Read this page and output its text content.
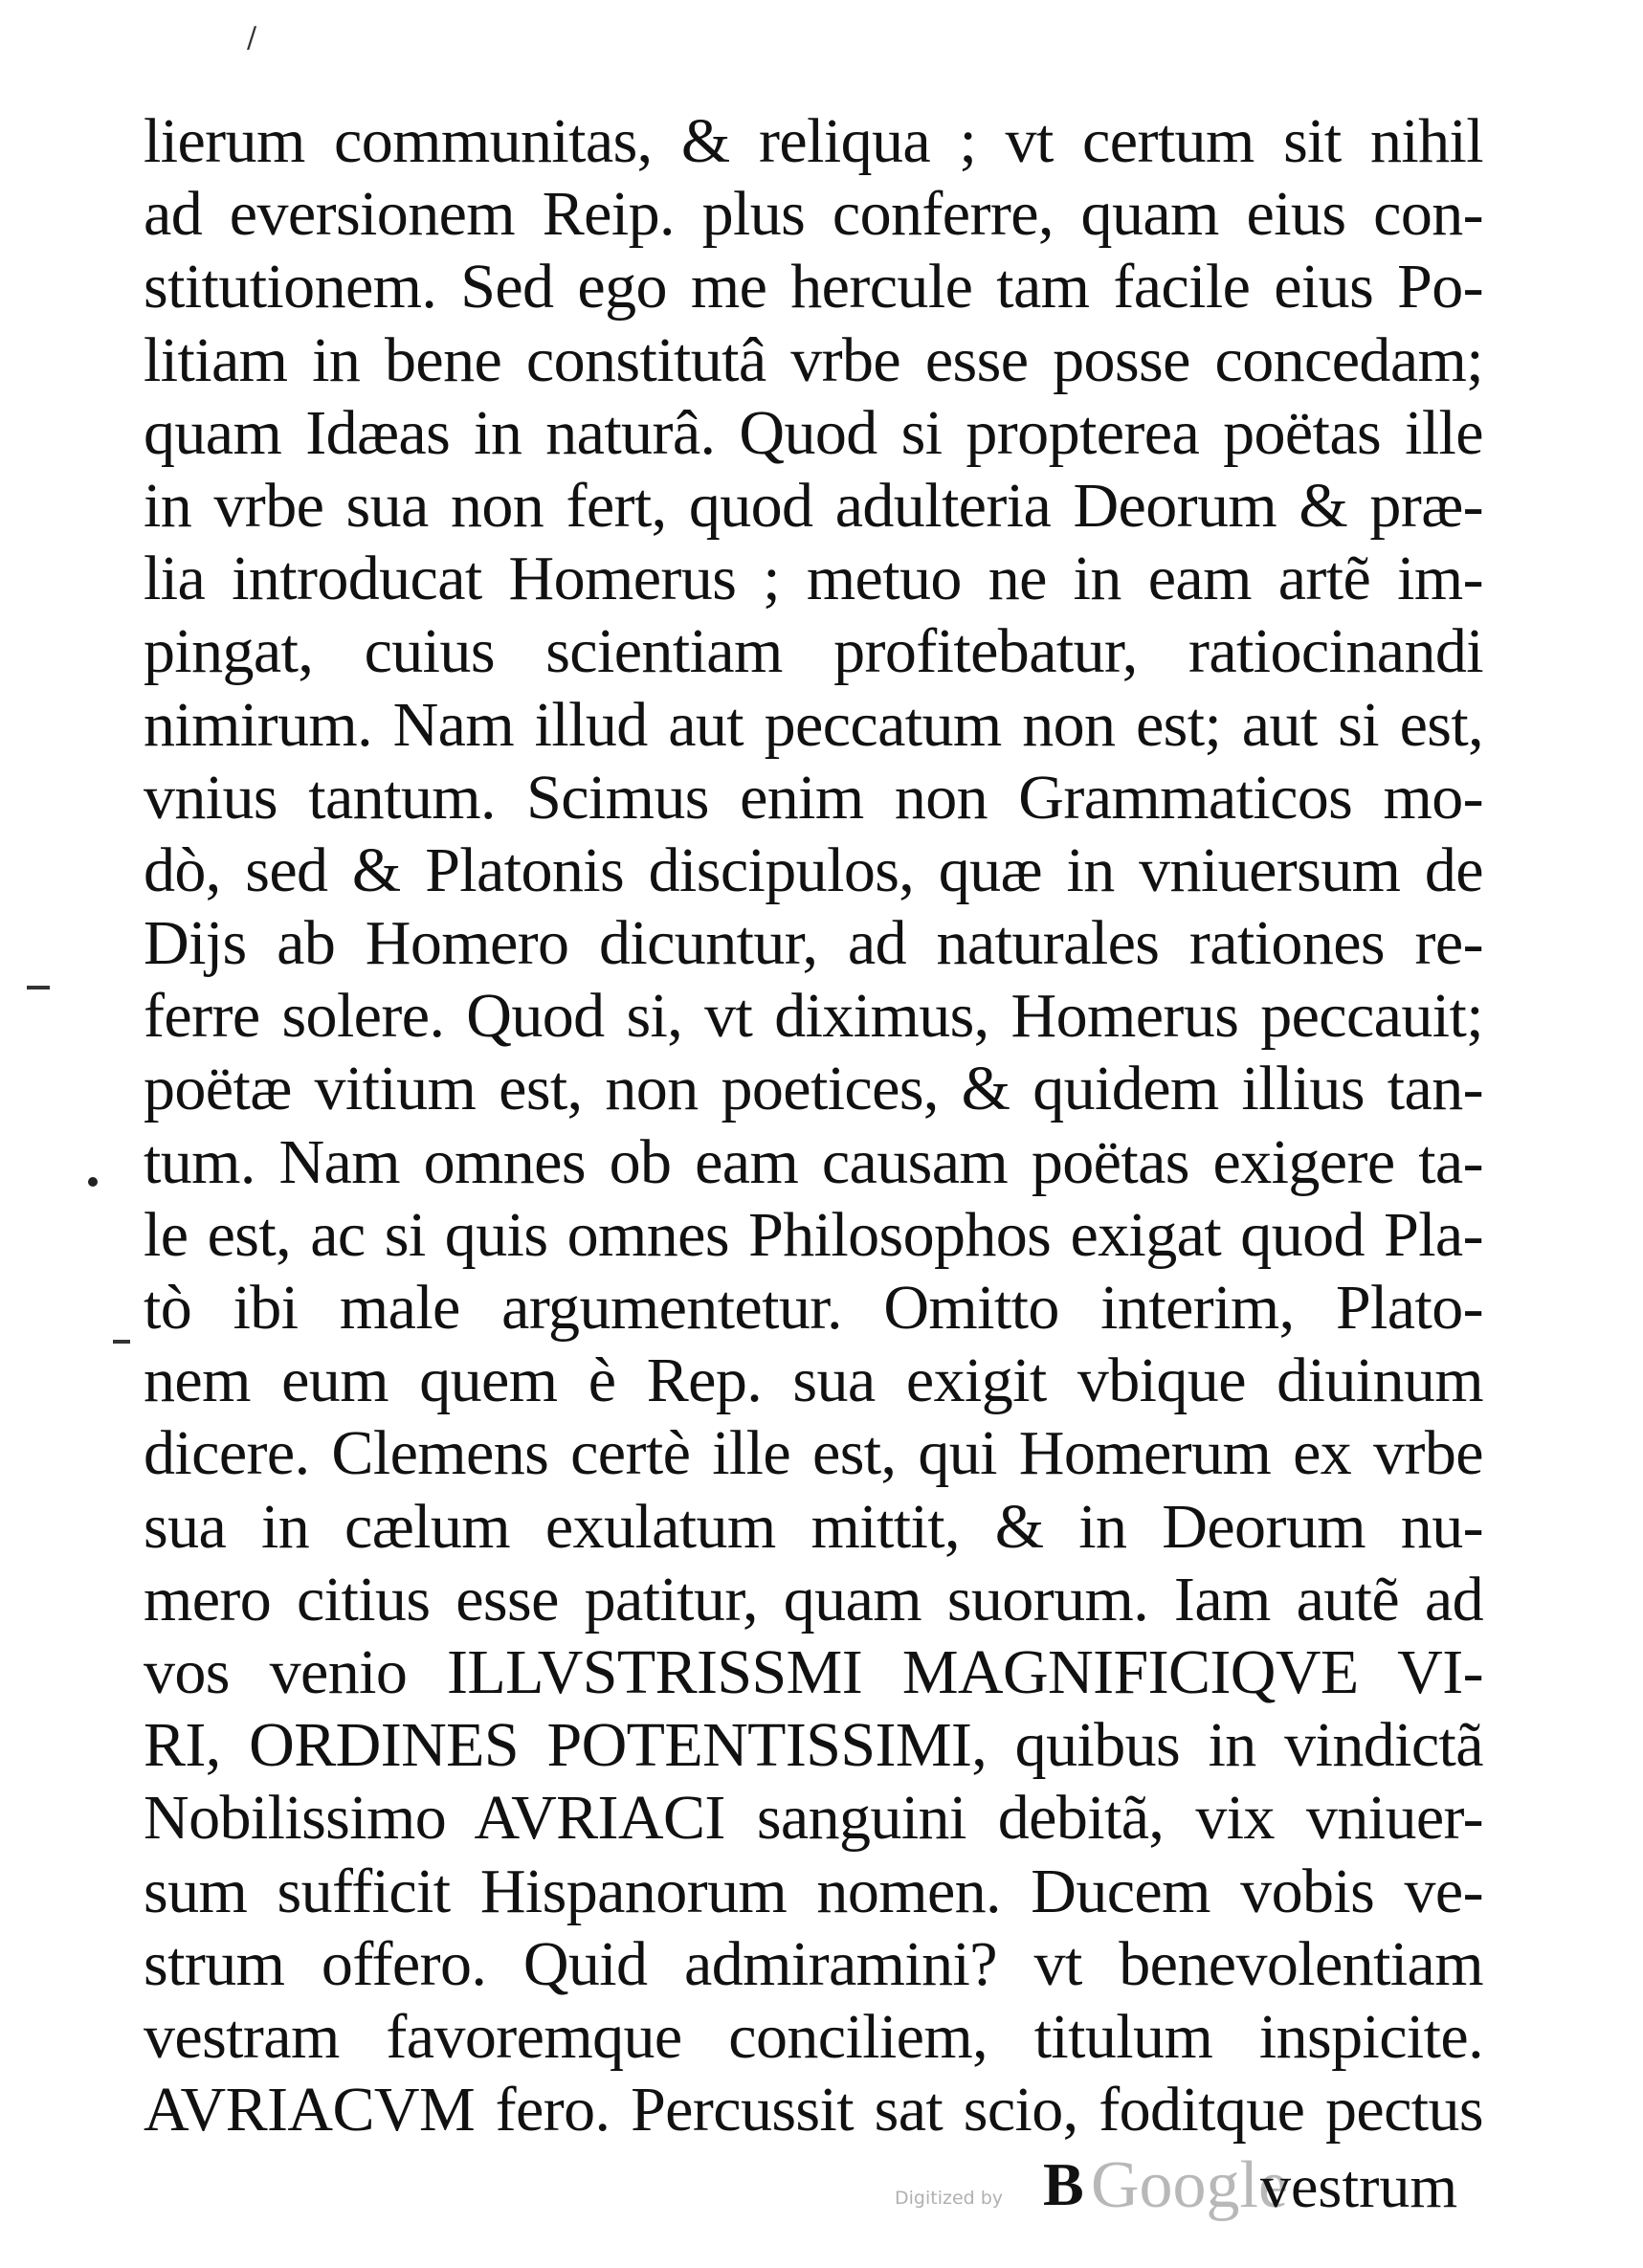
/
lierum communitas, & reliqua ; vt certum sit nihil
ad eversionem Reip. plus conferre, quam eius con-
stitutionem. Sed ego me hercule tam facile eius Po-
litiam in bene constitutâ vrbe esse posse concedam;
quam Idæas in naturâ. Quod si propterea poëtas ille
in vrbe sua non fert, quod adulteria Deorum & præ-
lia introducat Homerus ; metuo ne in eam artẽ im-
pingat, cuius scientiam profitebatur, ratiocinandi
nimirum. Nam illud aut peccatum non est; aut si est,
vnius tantum. Scimus enim non Grammaticos mo-
dò, sed & Platonis discipulos, quæ in vniuersum de
Dijs ab Homero dicuntur, ad naturales rationes re-
ferre solere. Quod si, vt diximus, Homerus peccauit;
poëtæ vitium est, non poetices, & quidem illius tan-
tum. Nam omnes ob eam causam poëtas exigere ta-
le est, ac si quis omnes Philosophos exigat quod Pla-
tò ibi male argumentetur. Omitto interim, Plato-
nem eum quem è Rep. sua exigit vbique diuinum
dicere. Clemens certè ille est, qui Homerum ex vrbe
sua in cælum exulatum mittit, & in Deorum nu-
mero citius esse patitur, quam suorum. Iam autẽ ad
vos venio ILLVSTRISSMI MAGNIFICIQVE VI-
RI, ORDINES POTENTISSIMI, quibus in vindictã
Nobilissimo AVRIACI sanguini debitã, vix vniuer-
sum sufficit Hispanorum nomen. Ducem vobis ve-
strum offero. Quid admiramini? vt benevolentiam
vestram favoremque conciliem, titulum inspicite.
AVRIACVM fero. Percussit sat scio, foditque pectus
Digitized by Google
B	vestrum
